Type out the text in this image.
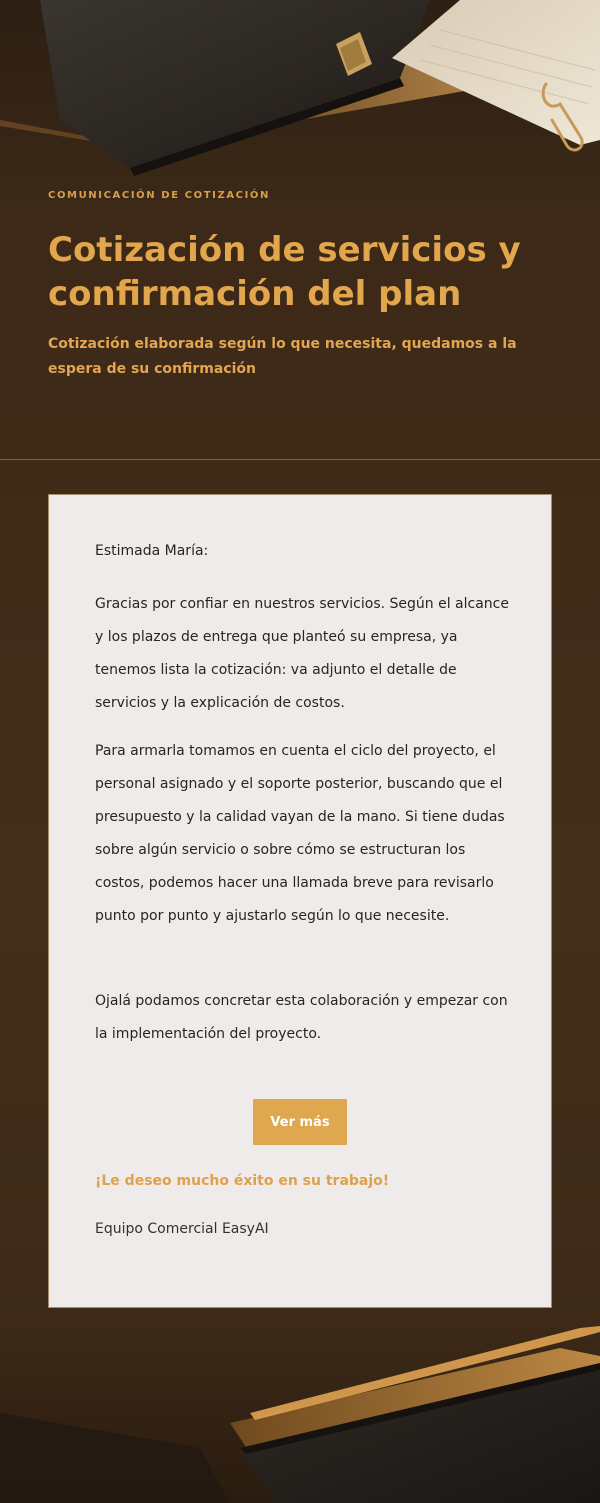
COMUNICACIÓN DE COTIZACIÓN
Cotización de servicios y confirmación del plan

Cotización elaborada según lo que necesita, quedamos a la espera de su confirmación

Estimada María:

Gracias por confiar en nuestros servicios. Según el alcance y los plazos de entrega que planteó su empresa, ya tenemos lista la cotización: va adjunto el detalle de servicios y la explicación de costos.

Para armarla tomamos en cuenta el ciclo del proyecto, el personal asignado y el soporte posterior, buscando que el presupuesto y la calidad vayan de la mano. Si tiene dudas sobre algún servicio o sobre cómo se estructuran los costos, podemos hacer una llamada breve para revisarlo punto por punto y ajustarlo según lo que necesite.

Ojalá podamos concretar esta colaboración y empezar con la implementación del proyecto.

Ver más

¡Le deseo mucho éxito en su trabajo!

Equipo Comercial EasyAI
